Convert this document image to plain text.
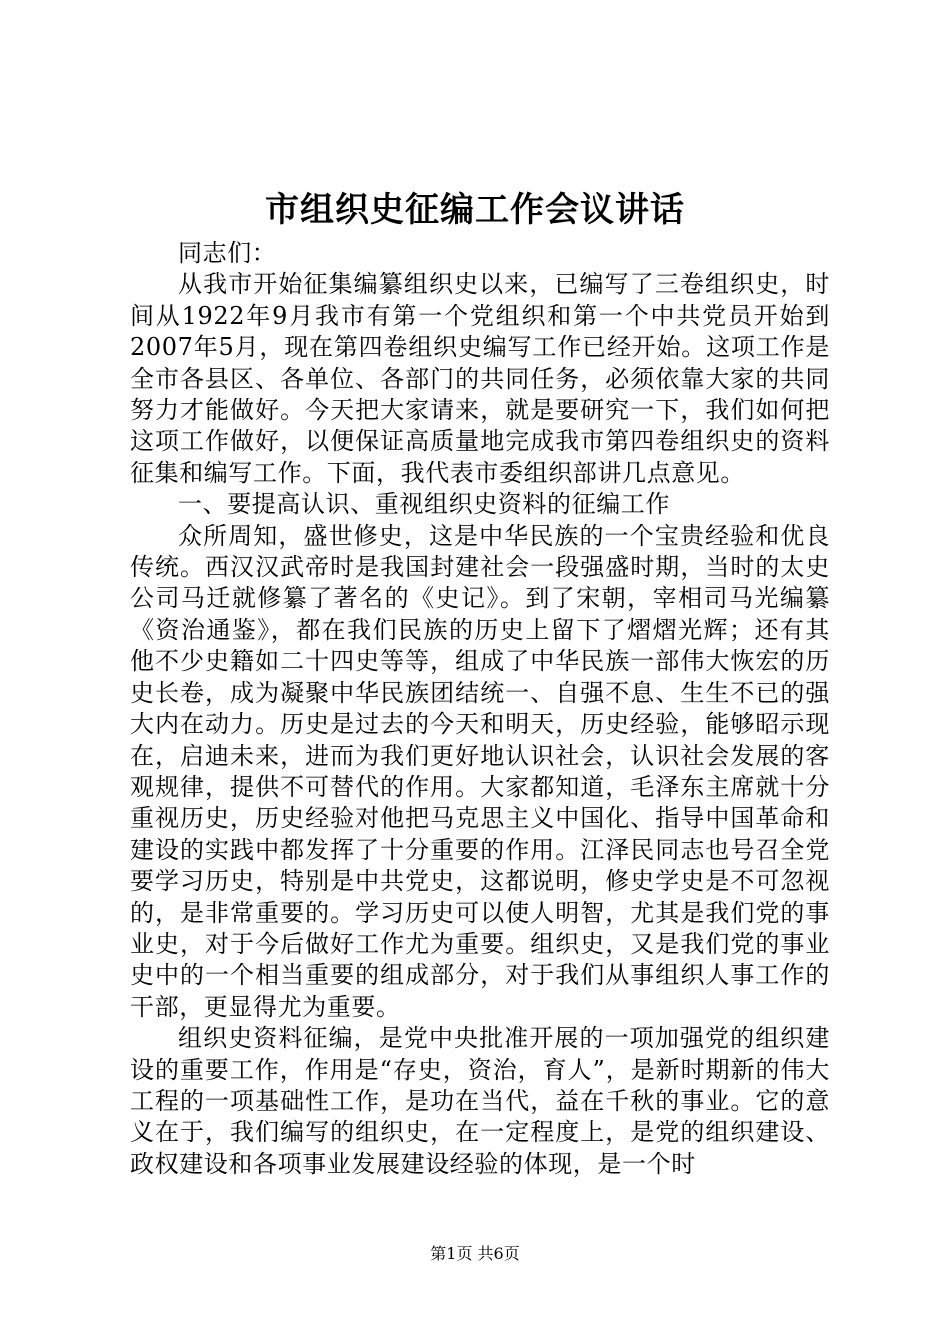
市组织史征编工作会议讲话

同志们：

从我市开始征集编纂组织史以来，已编写了三卷组织史，时间从1922年9月我市有第一个党组织和第一个中共党员开始到2007年5月，现在第四卷组织史编写工作已经开始。这项工作是全市各县区、各单位、各部门的共同任务，必须依靠大家的共同努力才能做好。今天把大家请来，就是要研究一下，我们如何把这项工作做好，以便保证高质量地完成我市第四卷组织史的资料征集和编写工作。下面，我代表市委组织部讲几点意见。

一、要提高认识、重视组织史资料的征编工作

众所周知，盛世修史，这是中华民族的一个宝贵经验和优良传统。西汉汉武帝时是我国封建社会一段强盛时期，当时的太史公司马迁就修纂了著名的《史记》。到了宋朝，宰相司马光编纂《资治通鉴》，都在我们民族的历史上留下了熠熠光辉；还有其他不少史籍如二十四史等等，组成了中华民族一部伟大恢宏的历史长卷，成为凝聚中华民族团结统一、自强不息、生生不已的强大内在动力。历史是过去的今天和明天，历史经验，能够昭示现在，启迪未来，进而为我们更好地认识社会，认识社会发展的客观规律，提供不可替代的作用。大家都知道，毛泽东主席就十分重视历史，历史经验对他把马克思主义中国化、指导中国革命和建设的实践中都发挥了十分重要的作用。江泽民同志也号召全党要学习历史，特别是中共党史，这都说明，修史学史是不可忽视的，是非常重要的。学习历史可以使人明智，尤其是我们党的事业史，对于今后做好工作尤为重要。组织史，又是我们党的事业史中的一个相当重要的组成部分，对于我们从事组织人事工作的干部，更显得尤为重要。

组织史资料征编，是党中央批准开展的一项加强党的组织建设的重要工作，作用是“存史，资治，育人”，是新时期新的伟大工程的一项基础性工作，是功在当代，益在千秋的事业。它的意义在于，我们编写的组织史，在一定程度上，是党的组织建设、政权建设和各项事业发展建设经验的体现，是一个时

第1页 共6页
